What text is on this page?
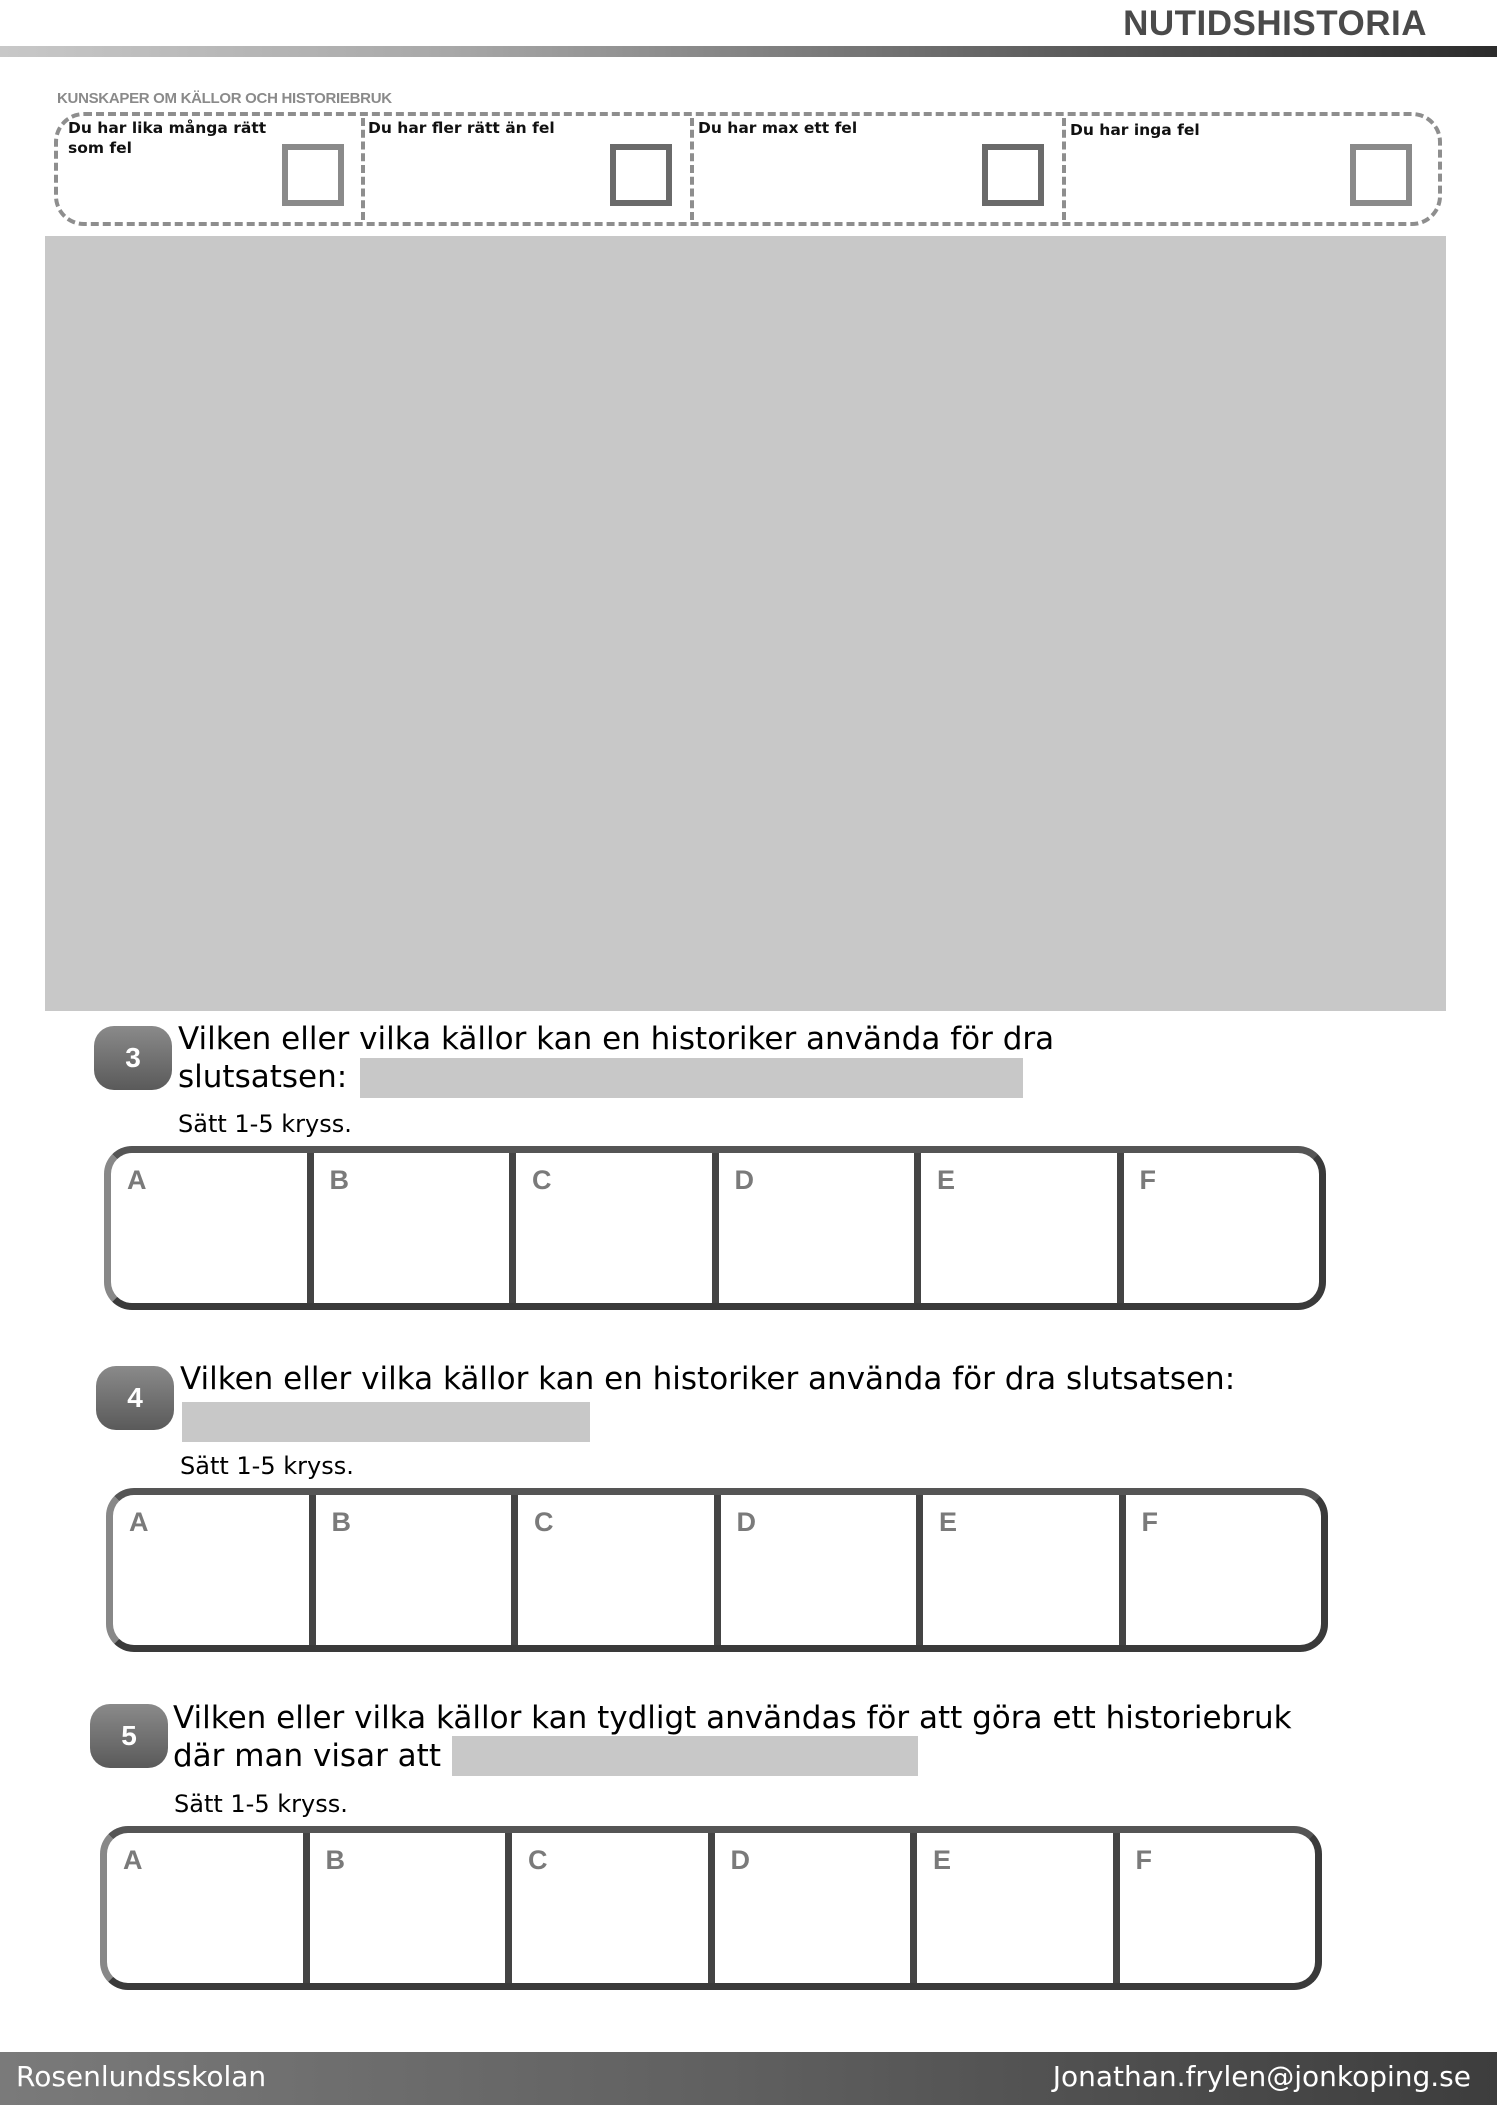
NUTIDSHISTORIA
KUNSKAPER OM KÄLLOR OCH HISTORIEBRUK
Du har lika många rätt
som fel
Du har fler rätt än fel	Du har max ett fel	Du har inga fel
3
Vilken eller vilka källor kan en historiker använda för dra
slutsatsen:
Sätt 1-5 kryss.
A	B	C	D	E	F
4
Vilken eller vilka källor kan en historiker använda för dra slutsatsen:
Sätt 1-5 kryss.
A	B	C	D	E	F
5	Vilken eller vilka källor kan tydligt användas för att göra ett historiebruk
där man visar att
Sätt 1-5 kryss.
A	B	C	D	E	F
Rosenlundsskolan	Jonathan.frylen@jonkoping.se
